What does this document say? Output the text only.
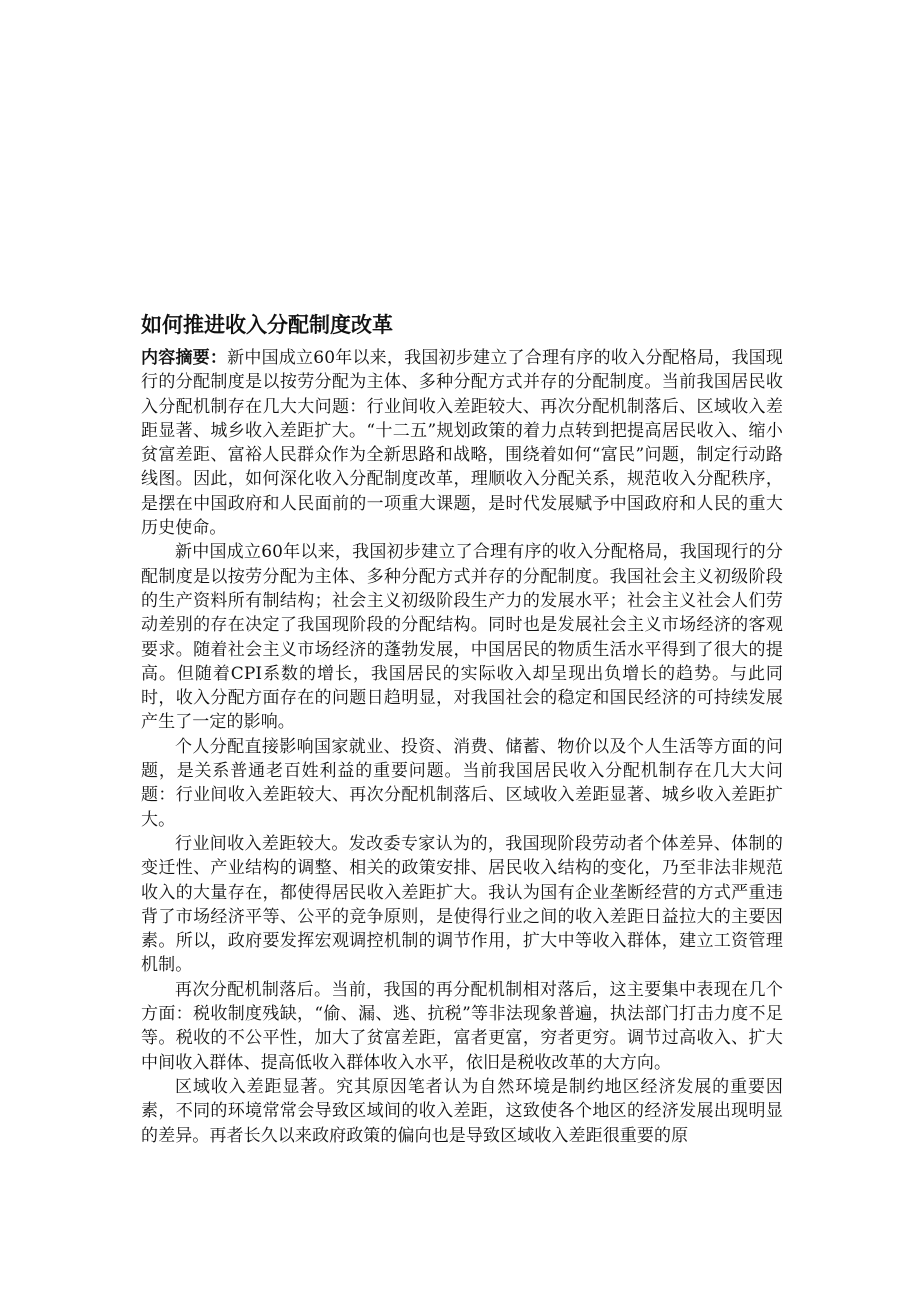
如何推进收入分配制度改革

内容摘要：新中国成立60年以来，我国初步建立了合理有序的收入分配格局，我国现行的分配制度是以按劳分配为主体、多种分配方式并存的分配制度。当前我国居民收入分配机制存在几大大问题：行业间收入差距较大、再次分配机制落后、区域收入差距显著、城乡收入差距扩大。“十二五”规划政策的着力点转到把提高居民收入、缩小贫富差距、富裕人民群众作为全新思路和战略，围绕着如何“富民”问题，制定行动路线图。因此，如何深化收入分配制度改革，理顺收入分配关系，规范收入分配秩序，是摆在中国政府和人民面前的一项重大课题，是时代发展赋予中国政府和人民的重大历史使命。

新中国成立60年以来，我国初步建立了合理有序的收入分配格局，我国现行的分配制度是以按劳分配为主体、多种分配方式并存的分配制度。我国社会主义初级阶段的生产资料所有制结构；社会主义初级阶段生产力的发展水平；社会主义社会人们劳动差别的存在决定了我国现阶段的分配结构。同时也是发展社会主义市场经济的客观要求。随着社会主义市场经济的蓬勃发展，中国居民的物质生活水平得到了很大的提高。但随着CPI系数的增长，我国居民的实际收入却呈现出负增长的趋势。与此同时，收入分配方面存在的问题日趋明显，对我国社会的稳定和国民经济的可持续发展产生了一定的影响。

个人分配直接影响国家就业、投资、消费、储蓄、物价以及个人生活等方面的问题，是关系普通老百姓利益的重要问题。当前我国居民收入分配机制存在几大大问题：行业间收入差距较大、再次分配机制落后、区域收入差距显著、城乡收入差距扩大。

行业间收入差距较大。发改委专家认为的，我国现阶段劳动者个体差异、体制的变迁性、产业结构的调整、相关的政策安排、居民收入结构的变化，乃至非法非规范收入的大量存在，都使得居民收入差距扩大。我认为国有企业垄断经营的方式严重违背了市场经济平等、公平的竞争原则，是使得行业之间的收入差距日益拉大的主要因素。所以，政府要发挥宏观调控机制的调节作用，扩大中等收入群体，建立工资管理机制。

再次分配机制落后。当前，我国的再分配机制相对落后，这主要集中表现在几个方面：税收制度残缺，“偷、漏、逃、抗税”等非法现象普遍，执法部门打击力度不足等。税收的不公平性，加大了贫富差距，富者更富，穷者更穷。调节过高收入、扩大中间收入群体、提高低收入群体收入水平，依旧是税收改革的大方向。

区域收入差距显著。究其原因笔者认为自然环境是制约地区经济发展的重要因素，不同的环境常常会导致区域间的收入差距，这致使各个地区的经济发展出现明显的差异。再者长久以来政府政策的偏向也是导致区域收入差距很重要的原
